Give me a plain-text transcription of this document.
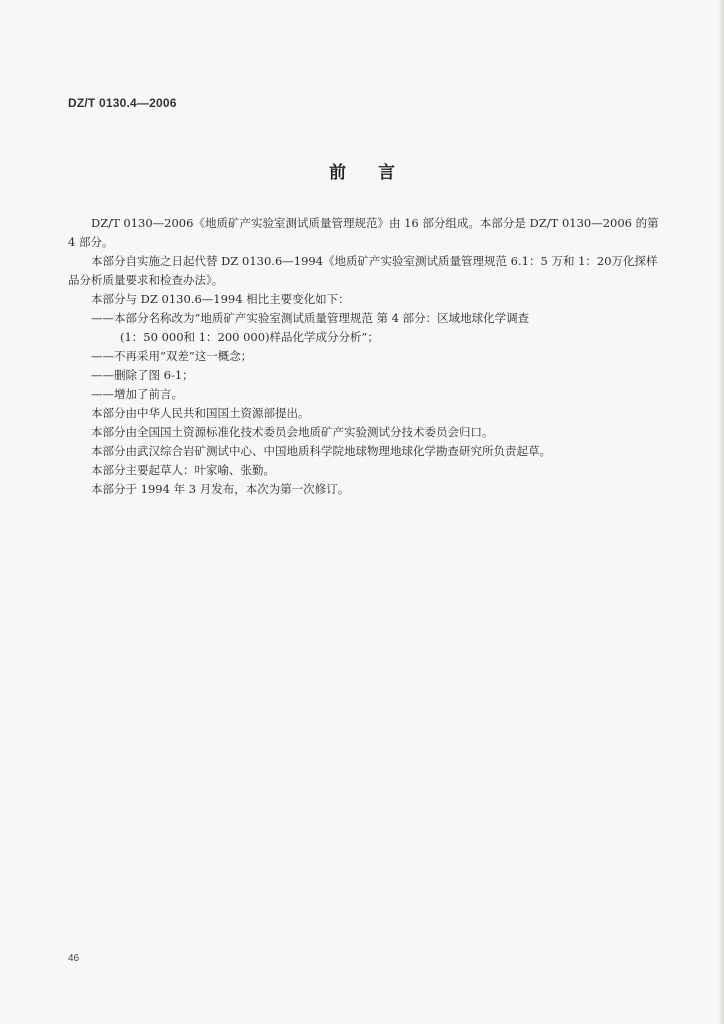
DZ/T 0130.4—2006
前言

DZ/T 0130—2006《地质矿产实验室测试质量管理规范》由 16 部分组成。本部分是 DZ/T 0130—2006 的第 4 部分。

本部分自实施之日起代替 DZ 0130.6—1994《地质矿产实验室测试质量管理规范 6.1：5 万和 1：20万化探样品分析质量要求和检查办法》。

本部分与 DZ 0130.6—1994 相比主要变化如下：

——本部分名称改为“地质矿产实验室测试质量管理规范 第 4 部分：区域地球化学调查
(1：50 000和 1：200 000)样品化学成分分析”；

——不再采用“双差”这一概念；

——删除了图 6-1；

——增加了前言。

本部分由中华人民共和国国土资源部提出。

本部分由全国国土资源标准化技术委员会地质矿产实验测试分技术委员会归口。

本部分由武汉综合岩矿测试中心、中国地质科学院地球物理地球化学勘查研究所负责起草。

本部分主要起草人：叶家喻、张勤。

本部分于 1994 年 3 月发布，本次为第一次修订。

46
